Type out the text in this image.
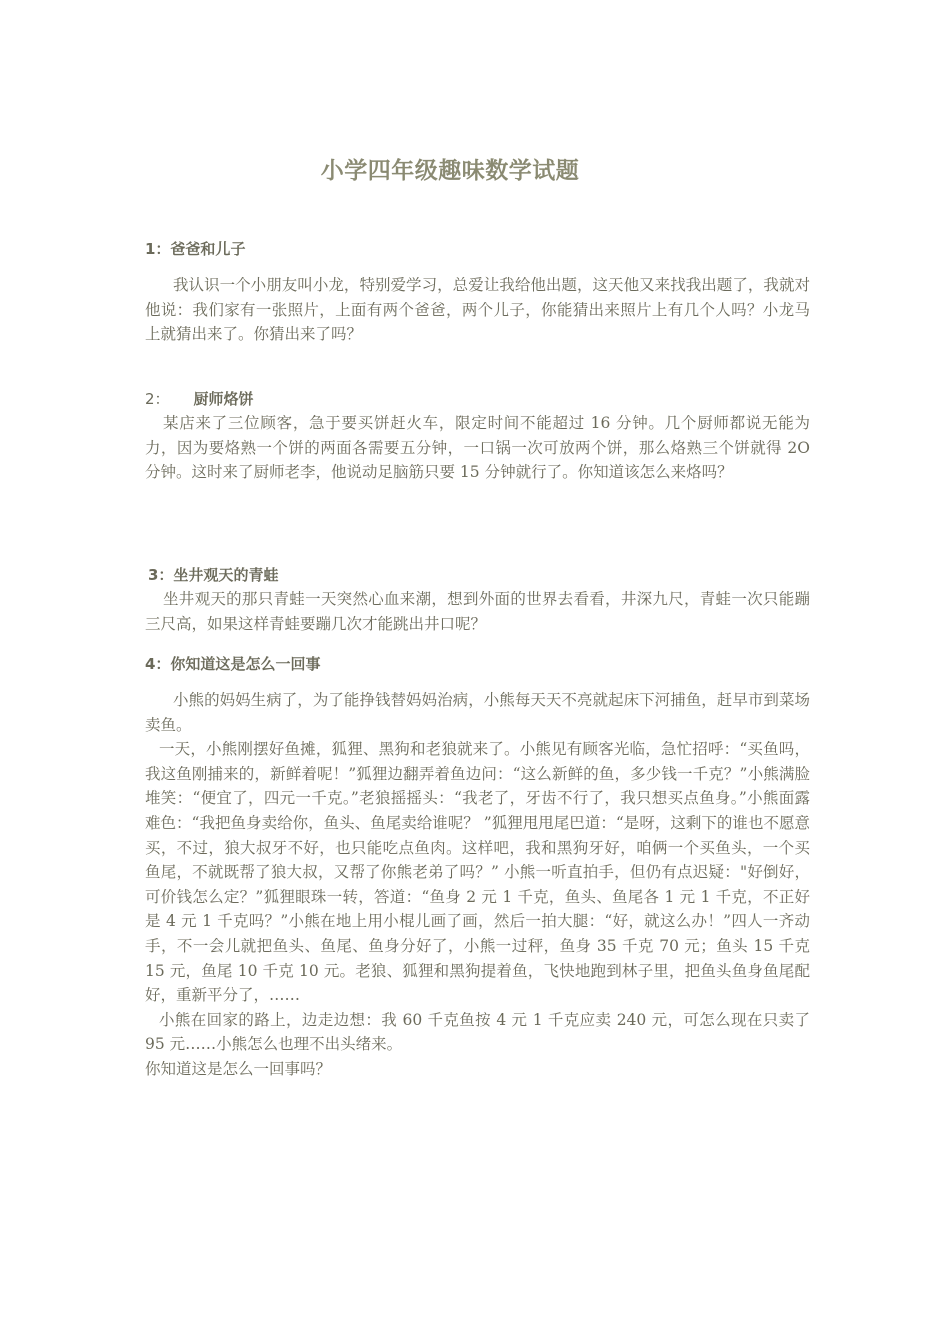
小学四年级趣味数学试题
1：爸爸和儿子

我认识一个小朋友叫小龙，特别爱学习，总爱让我给他出题，这天他又来找我出题了，我就对他说：我们家有一张照片，上面有两个爸爸，两个儿子，你能猜出来照片上有几个人吗？小龙马上就猜出来了。你猜出来了吗？

2： 厨师烙饼

某店来了三位顾客，急于要买饼赶火车，限定时间不能超过 16 分钟。几个厨师都说无能为力，因为要烙熟一个饼的两面各需要五分钟，一口锅一次可放两个饼，那么烙熟三个饼就得 2O 分钟。这时来了厨师老李，他说动足脑筋只要 15 分钟就行了。你知道该怎么来烙吗？

3：坐井观天的青蛙

坐井观天的那只青蛙一天突然心血来潮，想到外面的世界去看看，井深九尺，青蛙一次只能蹦三尺高，如果这样青蛙要蹦几次才能跳出井口呢？

4：你知道这是怎么一回事

小熊的妈妈生病了，为了能挣钱替妈妈治病，小熊每天天不亮就起床下河捕鱼，赶早市到菜场卖鱼。

一天，小熊刚摆好鱼摊，狐狸、黑狗和老狼就来了。小熊见有顾客光临，急忙招呼：“买鱼吗，我这鱼刚捕来的，新鲜着呢！”狐狸边翻弄着鱼边问：“这么新鲜的鱼，多少钱一千克？”小熊满脸堆笑：“便宜了，四元一千克。”老狼摇摇头：“我老了，牙齿不行了，我只想买点鱼身。”小熊面露难色：“我把鱼身卖给你，鱼头、鱼尾卖给谁呢？ ”狐狸甩甩尾巴道：“是呀，这剩下的谁也不愿意买，不过，狼大叔牙不好，也只能吃点鱼肉。这样吧，我和黑狗牙好，咱俩一个买鱼头，一个买鱼尾，不就既帮了狼大叔，又帮了你熊老弟了吗？” 小熊一听直拍手，但仍有点迟疑："好倒好，可价钱怎么定？”狐狸眼珠一转，答道：“鱼身 2 元 1 千克，鱼头、鱼尾各 1 元 1 千克，不正好是 4 元 1 千克吗？”小熊在地上用小棍儿画了画，然后一拍大腿：“好，就这么办！”四人一齐动手，不一会儿就把鱼头、鱼尾、鱼身分好了，小熊一过秤，鱼身 35 千克 70 元；鱼头 15 千克 15 元，鱼尾 10 千克 10 元。老狼、狐狸和黑狗提着鱼，飞快地跑到林子里，把鱼头鱼身鱼尾配好，重新平分了，……

小熊在回家的路上，边走边想：我 60 千克鱼按 4 元 1 千克应卖 240 元，可怎么现在只卖了 95 元……小熊怎么也理不出头绪来。

你知道这是怎么一回事吗？
